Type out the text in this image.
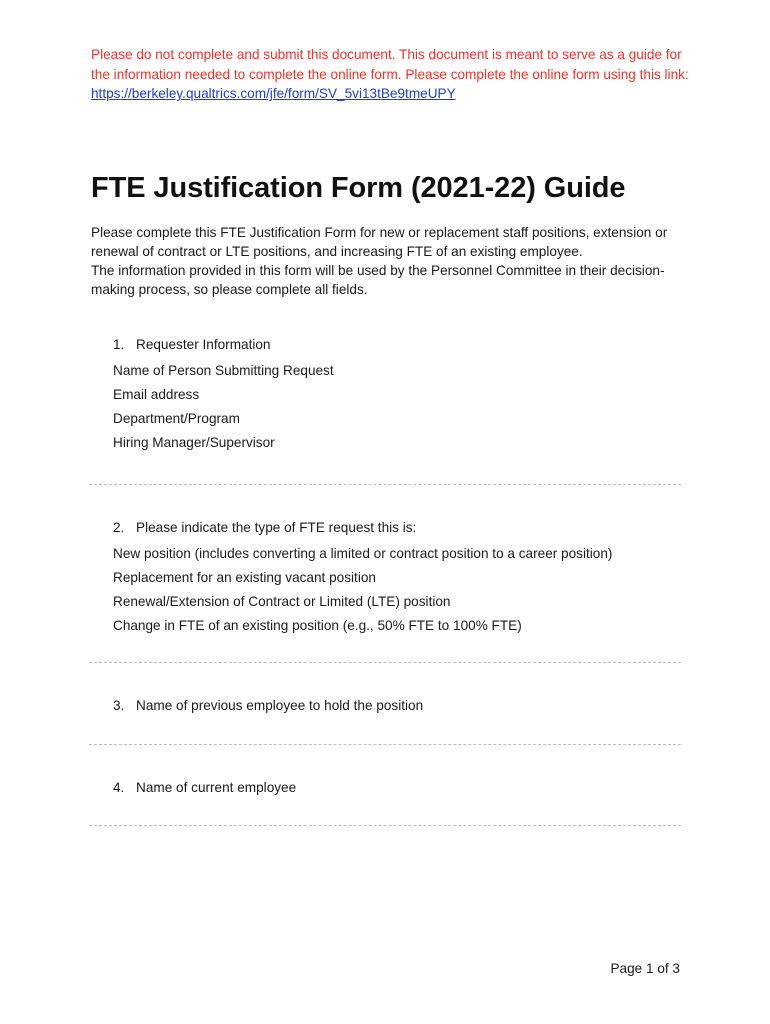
Please do not complete and submit this document. This document is meant to serve as a guide for the information needed to complete the online form. Please complete the online form using this link: https://berkeley.qualtrics.com/jfe/form/SV_5vi13tBe9tmeUPY
FTE Justification Form (2021-22) Guide

Please complete this FTE Justification Form for new or replacement staff positions, extension or renewal of contract or LTE positions, and increasing FTE of an existing employee.

The information provided in this form will be used by the Personnel Committee in their decision-making process, so please complete all fields.

1. Requester Information
Name of Person Submitting Request
Email address
Department/Program
Hiring Manager/Supervisor
2. Please indicate the type of FTE request this is:
New position (includes converting a limited or contract position to a career position)
Replacement for an existing vacant position
Renewal/Extension of Contract or Limited (LTE) position
Change in FTE of an existing position (e.g., 50% FTE to 100% FTE)
3. Name of previous employee to hold the position
4. Name of current employee
Page 1 of 3
